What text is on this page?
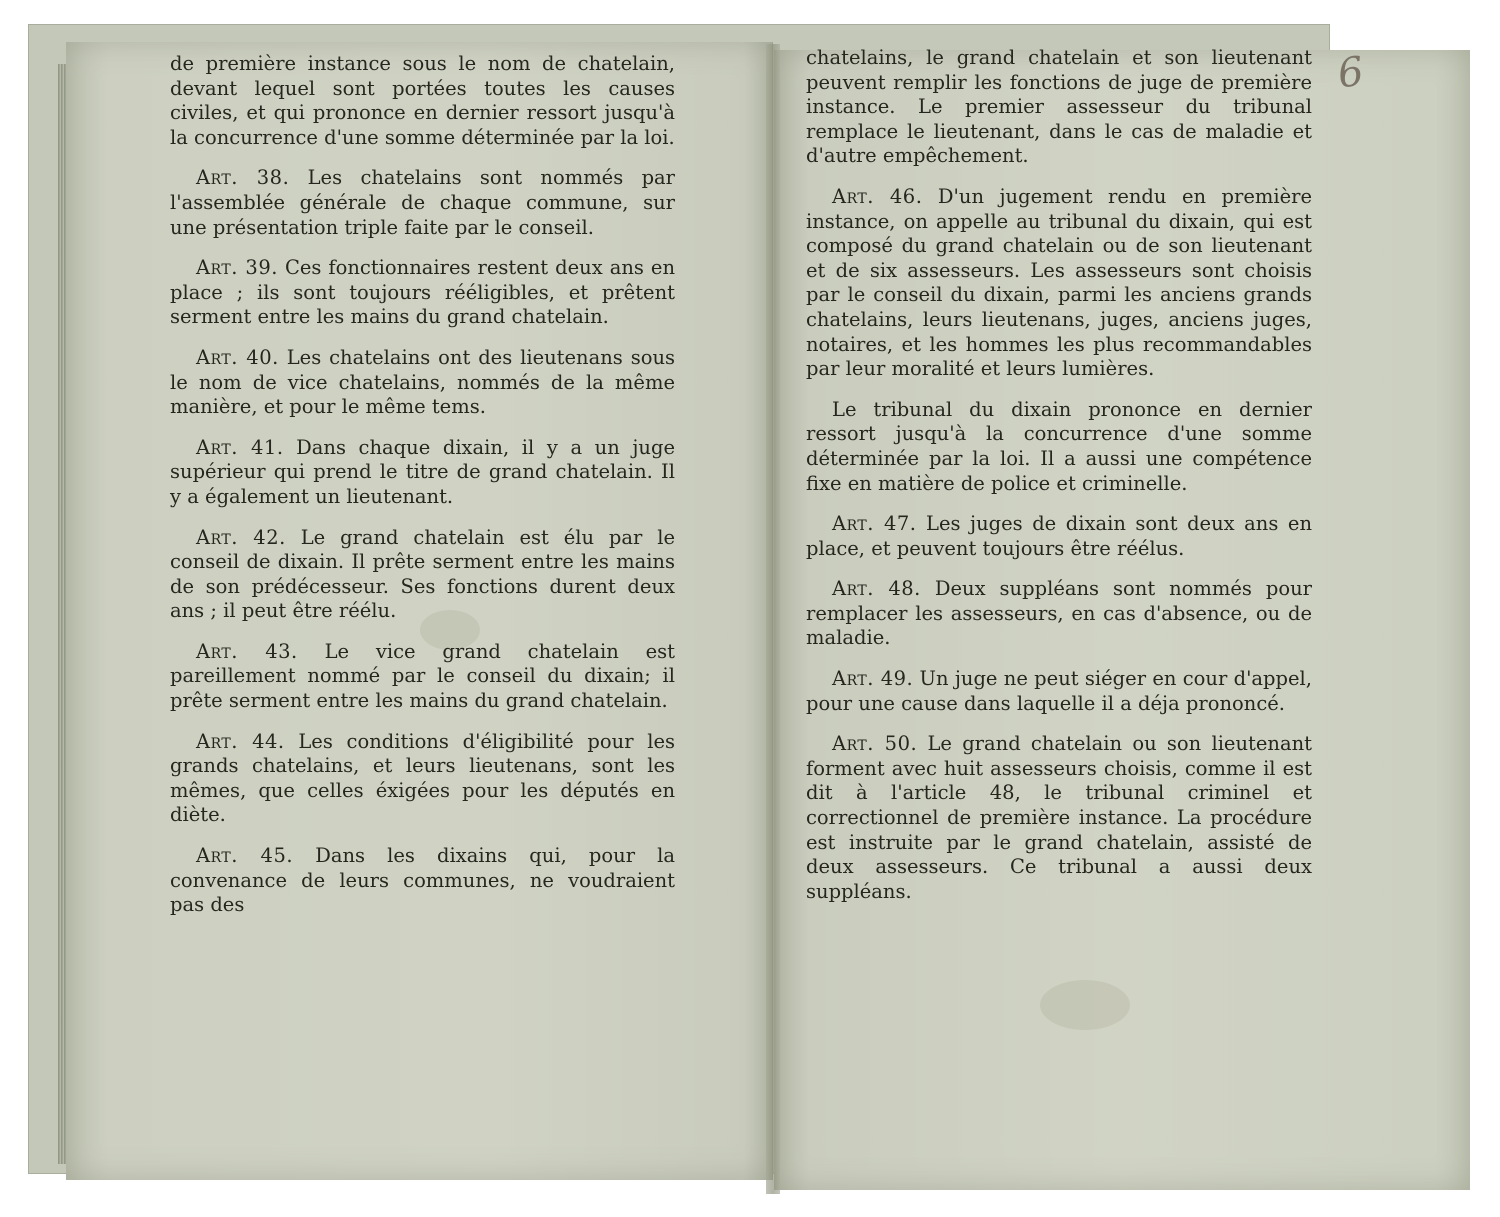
6

de première instance sous le nom de chatelain, devant lequel sont portées toutes les causes civiles, et qui prononce en dernier ressort jusqu'à la concurrence d'une somme déterminée par la loi.

Art. 38. Les chatelains sont nommés par l'assemblée générale de chaque commune, sur une présentation triple faite par le conseil.

Art. 39. Ces fonctionnaires restent deux ans en place ; ils sont toujours rééligibles, et prêtent serment entre les mains du grand chatelain.

Art. 40. Les chatelains ont des lieutenans sous le nom de vice chatelains, nommés de la même manière, et pour le même tems.

Art. 41. Dans chaque dixain, il y a un juge supérieur qui prend le titre de grand chatelain. Il y a également un lieutenant.

Art. 42. Le grand chatelain est élu par le conseil de dixain. Il prête serment entre les mains de son prédécesseur. Ses fonctions durent deux ans ; il peut être réélu.

Art. 43. Le vice grand chatelain est pareillement nommé par le conseil du dixain; il prête serment entre les mains du grand chatelain.

Art. 44. Les conditions d'éligibilité pour les grands chatelains, et leurs lieutenans, sont les mêmes, que celles éxigées pour les députés en diète.

Art. 45. Dans les dixains qui, pour la convenance de leurs communes, ne voudraient pas des

chatelains, le grand chatelain et son lieutenant peuvent remplir les fonctions de juge de première instance. Le premier assesseur du tribunal remplace le lieutenant, dans le cas de maladie et d'autre empêchement.

Art. 46. D'un jugement rendu en première instance, on appelle au tribunal du dixain, qui est composé du grand chatelain ou de son lieutenant et de six assesseurs. Les assesseurs sont choisis par le conseil du dixain, parmi les anciens grands chatelains, leurs lieutenans, juges, anciens juges, notaires, et les hommes les plus recommandables par leur moralité et leurs lumières.

Le tribunal du dixain prononce en dernier ressort jusqu'à la concurrence d'une somme déterminée par la loi. Il a aussi une compétence fixe en matière de police et criminelle.

Art. 47. Les juges de dixain sont deux ans en place, et peuvent toujours être réélus.

Art. 48. Deux suppléans sont nommés pour remplacer les assesseurs, en cas d'absence, ou de maladie.

Art. 49. Un juge ne peut siéger en cour d'appel, pour une cause dans laquelle il a déja prononcé.

Art. 50. Le grand chatelain ou son lieutenant forment avec huit assesseurs choisis, comme il est dit à l'article 48, le tribunal criminel et correctionnel de première instance. La procédure est instruite par le grand chatelain, assisté de deux assesseurs. Ce tribunal a aussi deux suppléans.
